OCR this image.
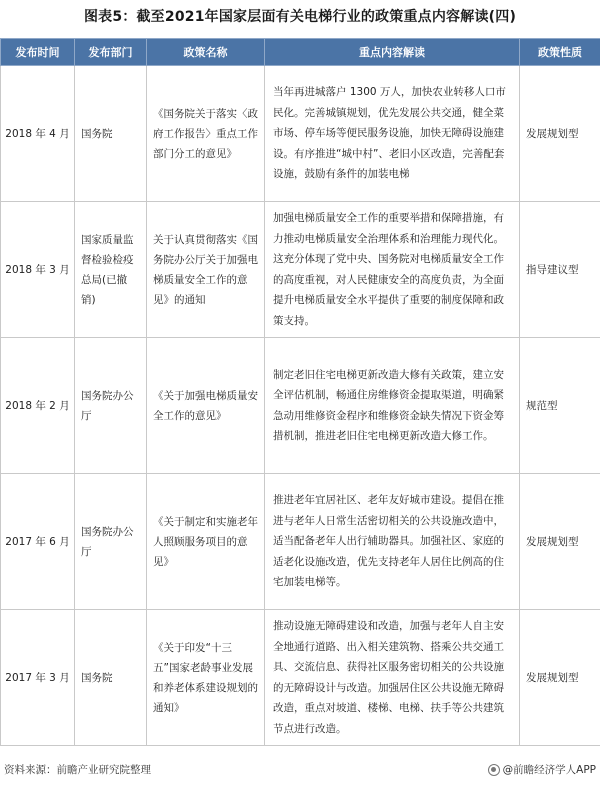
图表5：截至2021年国家层面有关电梯行业的政策重点内容解读(四)
发布时间	发布部门	政策名称	重点内容解读	政策性质
2018 年 4 月	国务院	《国务院关于落实〈政府工作报告〉重点工作部门分工的意见》	当年再进城落户 1300 万人，加快农业转移人口市民化。完善城镇规划，优先发展公共交通，健全菜市场、停车场等便民服务设施，加快无障碍设施建设。有序推进“城中村”、老旧小区改造，完善配套设施，鼓励有条件的加装电梯	发展规划型
2018 年 3 月	国家质量监督检验检疫总局(已撤销)	关于认真贯彻落实《国务院办公厅关于加强电梯质量安全工作的意见》的通知	加强电梯质量安全工作的重要举措和保障措施，有力推动电梯质量安全治理体系和治理能力现代化。这充分体现了党中央、国务院对电梯质量安全工作的高度重视，对人民健康安全的高度负责，为全面提升电梯质量安全水平提供了重要的制度保障和政策支持。	指导建议型
2018 年 2 月	国务院办公厅	《关于加强电梯质量安全工作的意见》	制定老旧住宅电梯更新改造大修有关政策，建立安全评估机制，畅通住房维修资金提取渠道，明确紧急动用维修资金程序和维修资金缺失情况下资金筹措机制，推进老旧住宅电梯更新改造大修工作。	规范型
2017 年 6 月	国务院办公厅	《关于制定和实施老年人照顾服务项目的意见》	推进老年宜居社区、老年友好城市建设。提倡在推进与老年人日常生活密切相关的公共设施改造中，适当配备老年人出行辅助器具。加强社区、家庭的适老化设施改造，优先支持老年人居住比例高的住宅加装电梯等。	发展规划型
2017 年 3 月	国务院	《关于印发“十三五”国家老龄事业发展和养老体系建设规划的通知》	推动设施无障碍建设和改造，加强与老年人自主安全地通行道路、出入相关建筑物、搭乘公共交通工具、交流信息、获得社区服务密切相关的公共设施的无障碍设计与改造。加强居住区公共设施无障碍改造，重点对坡道、楼梯、电梯、扶手等公共建筑节点进行改造。	发展规划型
资料来源：前瞻产业研究院整理	@前瞻经济学人APP
